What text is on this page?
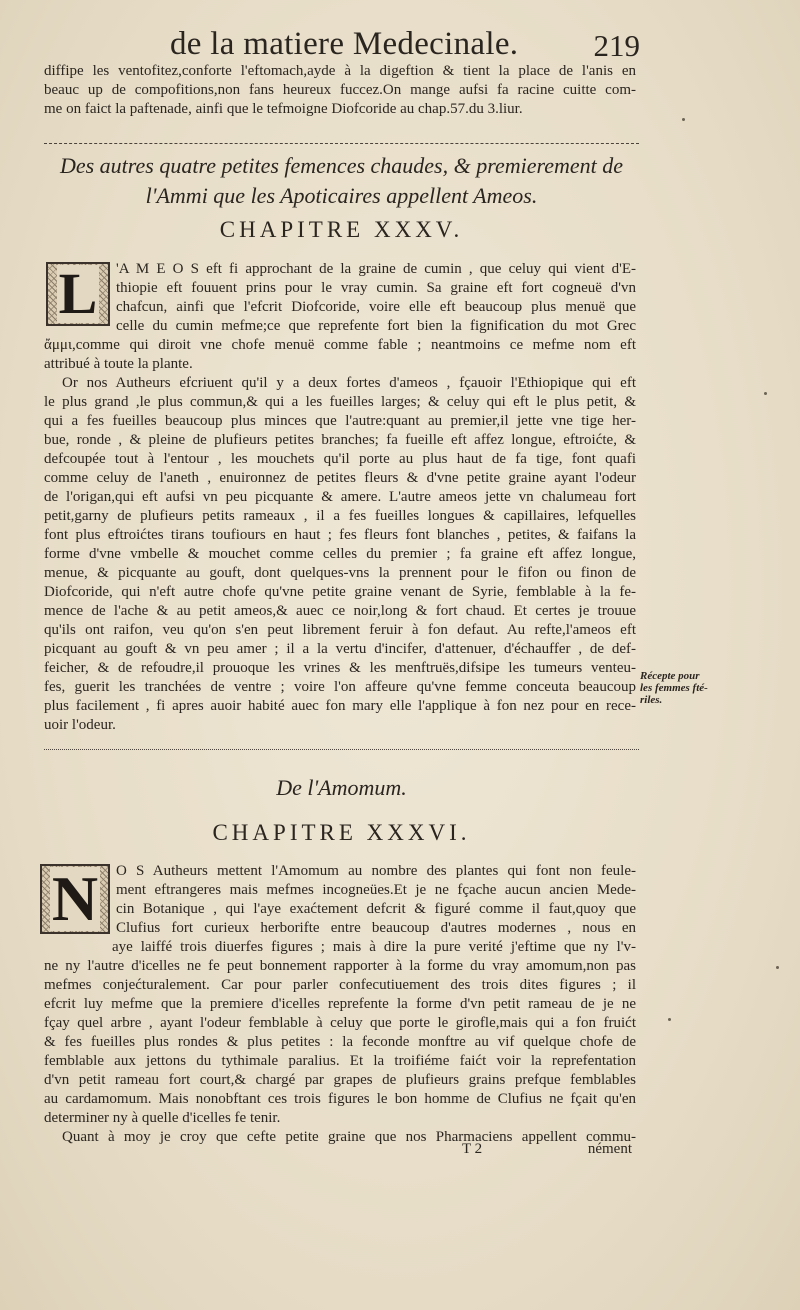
de la matiere Medecinale. 219
diffipe les ventofitez,conforte l'eftomach,ayde à la digeftion & tient la place de l'anis en
beauc up de compofitions,non fans heureux fuccez.On mange aufsi fa racine cuitte com-
me on faict la paftenade, ainfi que le tefmoigne Diofcoride au chap.57.du 3.liur.
Des autres quatre petites femences chaudes, & premierement de
l'Ammi que les Apoticaires appellent Ameos.
CHAPITRE XXXV.
L 'A M E O S eft fi approchant de la graine de cumin , que celuy qui vient d'E-
thiopie eft fouuent prins pour le vray cumin. Sa graine eft fort cogneuë d'vn
chafcun, ainfi que l'efcrit Diofcoride, voire elle eft beaucoup plus menuë que
celle du cumin mefme;ce que reprefente fort bien la fignification du mot Grec
ἄμμι,comme qui diroit vne chofe menuë comme fable ; neantmoins ce mefme nom eft
attribué à toute la plante.
Or nos Autheurs efcriuent qu'il y a deux fortes d'ameos , fçauoir l'Ethiopique qui eft
le plus grand ,le plus commun,& qui a les fueilles larges; & celuy qui eft le plus petit, &
qui a fes fueilles beaucoup plus minces que l'autre:quant au premier,il jette vne tige her-
bue, ronde , & pleine de plufieurs petites branches; fa fueille eft affez longue, eftroićte, &
defcoupée tout à l'entour , les mouchets qu'il porte au plus haut de fa tige, font quafi
comme celuy de l'aneth , enuironnez de petites fleurs & d'vne petite graine ayant l'odeur
de l'origan,qui eft aufsi vn peu picquante & amere. L'autre ameos jette vn chalumeau fort
petit,garny de plufieurs petits rameaux , il a fes fueilles longues & capillaires, lefquelles
font plus eftroićtes tirans toufiours en haut ; fes fleurs font blanches , petites, & faifans la
forme d'vne vmbelle & mouchet comme celles du premier ; fa graine eft affez longue,
menue, & picquante au gouft, dont quelques-vns la prennent pour le fifon ou finon de
Diofcoride, qui n'eft autre chofe qu'vne petite graine venant de Syrie, femblable à la fe-
mence de l'ache & au petit ameos,& auec ce noir,long & fort chaud. Et certes je trouue
qu'ils ont raifon, veu qu'on s'en peut librement feruir à fon defaut. Au refte,l'ameos eft
picquant au gouft & vn peu amer ; il a la vertu d'incifer, d'attenuer, d'échauffer , de def-
feicher, & de refoudre,il prouoque les vrines & les menftruës,difsipe les tumeurs venteu-
fes, guerit les tranchées de ventre ; voire l'on affeure qu'vne femme conceuta beaucoup
plus facilement , fi apres auoir habité auec fon mary elle l'applique à fon nez pour en rece-
uoir l'odeur.
Récepte pour
les femmes fté-
riles.
De l'Amomum.
CHAPITRE XXXVI.
N O S Autheurs mettent l'Amomum au nombre des plantes qui font non feule-
ment eftrangeres mais mefmes incogneües.Et je ne fçache aucun ancien Mede-
cin Botanique , qui l'aye exaćtement defcrit & figuré comme il faut,quoy que
Clufius fort curieux herborifte entre beaucoup d'autres modernes , nous en
aye laiffé trois diuerfes figures ; mais à dire la pure verité j'eftime que ny l'v-
ne ny l'autre d'icelles ne fe peut bonnement rapporter à la forme du vray amomum,non pas
mefmes conjećturalement. Car pour parler confecutiuement des trois dites figures ; il
efcrit luy mefme que la premiere d'icelles reprefente la forme d'vn petit rameau de je ne
fçay quel arbre , ayant l'odeur femblable à celuy que porte le girofle,mais qui a fon fruićt
& fes fueilles plus rondes & plus petites : la feconde monftre au vif quelque chofe de
femblable aux jettons du tythimale paralius. Et la troifiéme faićt voir la reprefentation
d'vn petit rameau fort court,& chargé par grapes de plufieurs grains prefque femblables
au cardamomum. Mais nonobftant ces trois figures le bon homme de Clufius ne fçait qu'en
determiner ny à quelle d'icelles fe tenir.
Quant à moy je croy que cefte petite graine que nos Pharmaciens appellent commu-
T 2	nément
